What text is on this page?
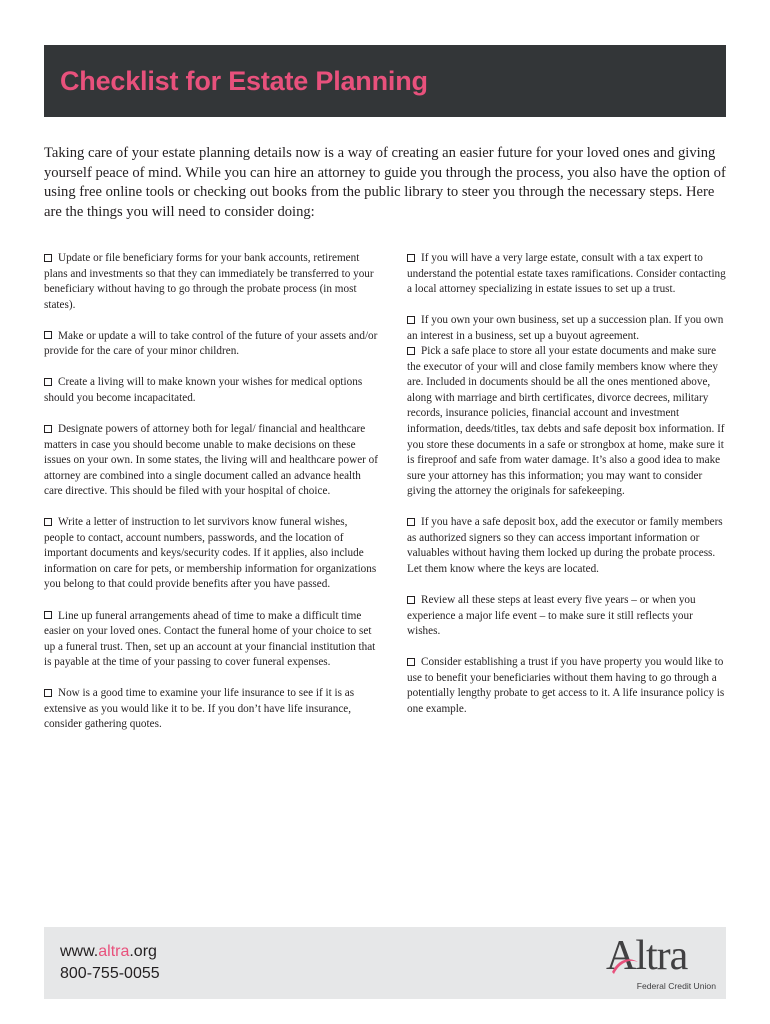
Checklist for Estate Planning

Taking care of your estate planning details now is a way of creating an easier future for your loved ones and giving yourself peace of mind. While you can hire an attorney to guide you through the process, you also have the option of using free online tools or checking out books from the public library to steer you through the necessary steps. Here are the things you will need to consider doing:

Update or file beneficiary forms for your bank accounts, retirement plans and investments so that they can immediately be transferred to your beneficiary without having to go through the probate process (in most states).
Make or update a will to take control of the future of your assets and/or provide for the care of your minor children.
Create a living will to make known your wishes for medical options should you become incapacitated.
Designate powers of attorney both for legal/ financial and healthcare matters in case you should become unable to make decisions on these issues on your own. In some states, the living will and healthcare power of attorney are combined into a single document called an advance health care directive. This should be filed with your hospital of choice.
Write a letter of instruction to let survivors know funeral wishes, people to contact, account numbers, passwords, and the location of important documents and keys/security codes. If it applies, also include information on care for pets, or membership information for organizations you belong to that could provide benefits after you have passed.
Line up funeral arrangements ahead of time to make a difficult time easier on your loved ones. Contact the funeral home of your choice to set up a funeral trust. Then, set up an account at your financial institution that is payable at the time of your passing to cover funeral expenses.
Now is a good time to examine your life insurance to see if it is as extensive as you would like it to be. If you don’t have life insurance, consider gathering quotes.
If you will have a very large estate, consult with a tax expert to understand the potential estate taxes ramifications. Consider contacting a local attorney specializing in estate issues to set up a trust.
If you own your own business, set up a succession plan. If you own an interest in a business, set up a buyout agreement.
Pick a safe place to store all your estate documents and make sure the executor of your will and close family members know where they are. Included in documents should be all the ones mentioned above, along with marriage and birth certificates, divorce decrees, military records, insurance policies, financial account and investment information, deeds/titles, tax debts and safe deposit box information. If you store these documents in a safe or strongbox at home, make sure it is fireproof and safe from water damage. It’s also a good idea to make sure your attorney has this information; you may want to consider giving the attorney the originals for safekeeping.
If you have a safe deposit box, add the executor or family members as authorized signers so they can access important information or valuables without having them locked up during the probate process. Let them know where the keys are located.
Review all these steps at least every five years – or when you experience a major life event – to make sure it still reflects your wishes.
Consider establishing a trust if you have property you would like to use to benefit your beneficiaries without them having to go through a potentially lengthy probate to get access to it. A life insurance policy is one example.
www.altra.org
800-755-0055	Altra
Federal Credit Union
